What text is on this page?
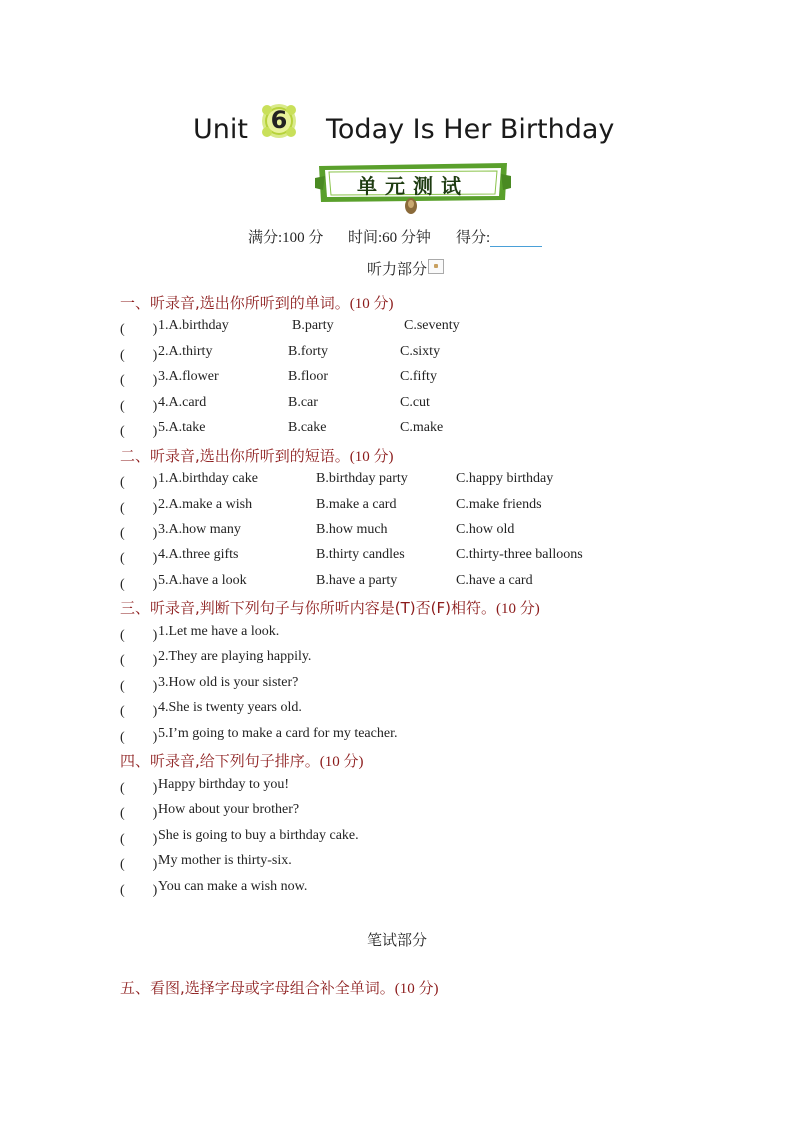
Unit 6	Today Is Her Birthday
单元测试
满分:100 分 时间:60 分钟 得分:
听力部分
一、听录音,选出你所听到的单词。(10 分)
(　　) 1.A.birthday	B.party	C.seventy
(　　) 2.A.thirty	B.forty	C.sixty
(　　) 3.A.flower	B.floor	C.fifty
(　　) 4.A.card	B.car	C.cut
(　　) 5.A.take	B.cake	C.make
二、听录音,选出你所听到的短语。(10 分)
(　　) 1.A.birthday cake	B.birthday party	C.happy birthday
(　　) 2.A.make a wish	B.make a card	C.make friends
(　　) 3.A.how many	B.how much	C.how old
(　　) 4.A.three gifts	B.thirty candles	C.thirty-three balloons
(　　) 5.A.have a look	B.have a party	C.have a card
三、听录音,判断下列句子与你所听内容是(T)否(F)相符。(10 分)
(　　) 1.Let me have a look.
(　　) 2.They are playing happily.
(　　) 3.How old is your sister?
(　　) 4.She is twenty years old.
(　　) 5.I’m going to make a card for my teacher.
四、听录音,给下列句子排序。(10 分)
(　　) Happy birthday to you!
(　　) How about your brother?
(　　) She is going to buy a birthday cake.
(　　) My mother is thirty-six.
(　　) You can make a wish now.
笔试部分
五、看图,选择字母或字母组合补全单词。(10 分)
